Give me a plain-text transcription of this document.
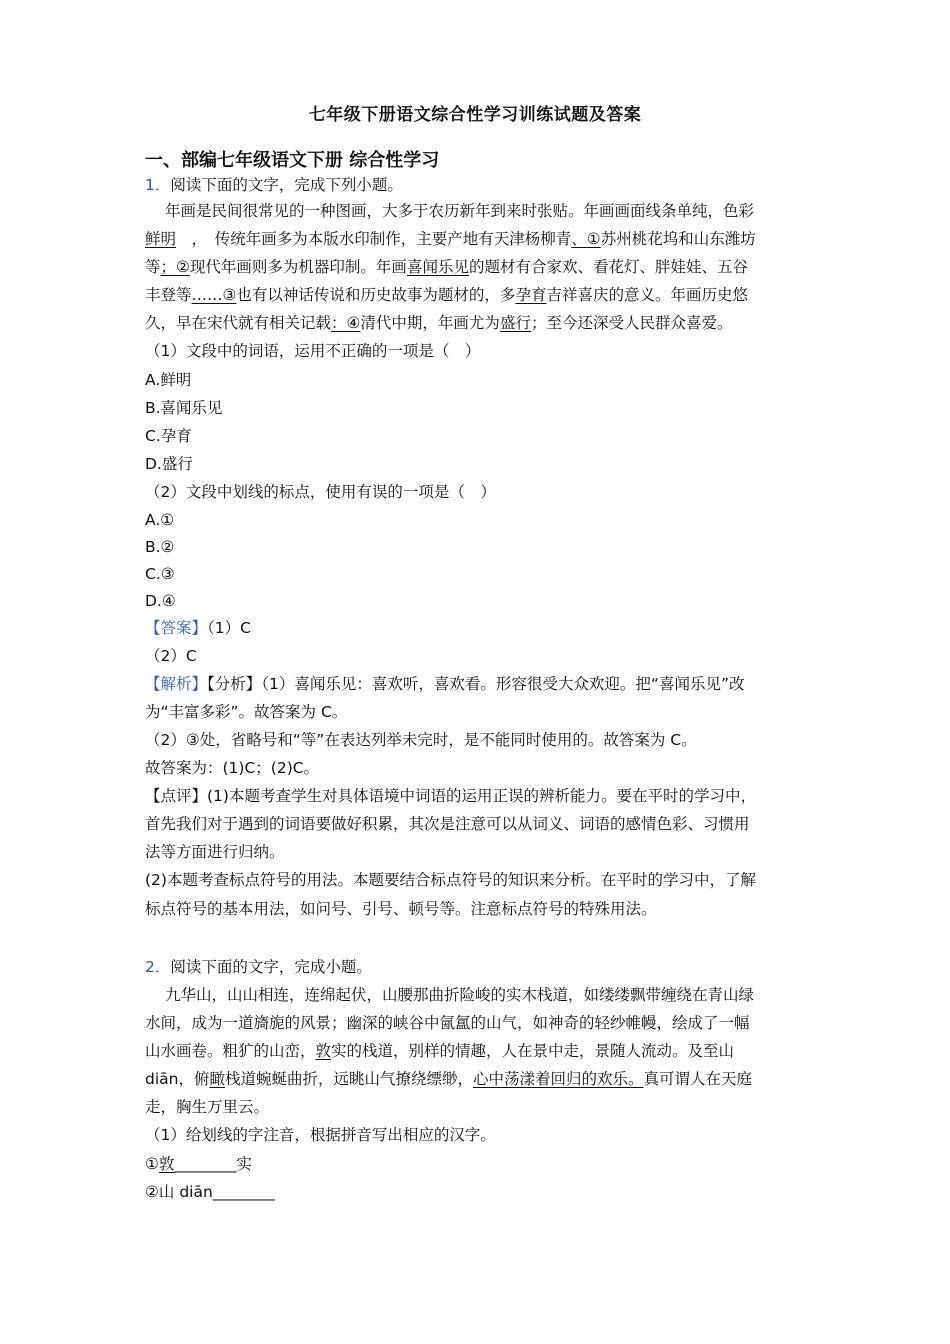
七年级下册语文综合性学习训练试题及答案
一、部编七年级语文下册 综合性学习
1．阅读下面的文字，完成下列小题。
年画是民间很常见的一种图画，大多于农历新年到来时张贴。年画画面线条单纯，色彩
鲜明　，　传统年画多为本版水印制作，主要产地有天津杨柳青、①苏州桃花坞和山东潍坊
等；②现代年画则多为机器印制。年画喜闻乐见的题材有合家欢、看花灯、胖娃娃、五谷
丰登等……③也有以神话传说和历史故事为题材的，多孕育吉祥喜庆的意义。年画历史悠
久，早在宋代就有相关记载：④清代中期，年画尤为盛行；至今还深受人民群众喜爱。
（1）文段中的词语，运用不正确的一项是（　）
A.鲜明
B.喜闻乐见
C.孕育
D.盛行
（2）文段中划线的标点，使用有误的一项是（　）
A.①
B.②
C.③
D.④
【答案】（1）C
（2）C
【解析】【分析】（1）喜闻乐见：喜欢听，喜欢看。形容很受大众欢迎。把“喜闻乐见”改
为“丰富多彩”。故答案为 C。
（2）③处，省略号和“等”在表达列举未完时，是不能同时使用的。故答案为 C。
故答案为：(1)C；(2)C。
【点评】(1)本题考查学生对具体语境中词语的运用正误的辨析能力。要在平时的学习中，
首先我们对于遇到的词语要做好积累，其次是注意可以从词义、词语的感情色彩、习惯用
法等方面进行归纳。
(2)本题考查标点符号的用法。本题要结合标点符号的知识来分析。在平时的学习中，了解
标点符号的基本用法，如问号、引号、顿号等。注意标点符号的特殊用法。
2．阅读下面的文字，完成小题。
九华山，山山相连，连绵起伏，山腰那曲折险峻的实木栈道，如缕缕飘带缠绕在青山绿
水间，成为一道旖旎的风景；幽深的峡谷中氤氲的山气，如神奇的轻纱帷幔，绘成了一幅
山水画卷。粗犷的山峦，敦实的栈道，别样的情趣，人在景中走，景随人流动。及至山
diān，俯瞰栈道蜿蜒曲折，远眺山气撩绕缥缈，心中荡漾着回归的欢乐。真可谓人在天庭
走，胸生万里云。
（1）给划线的字注音，根据拼音写出相应的汉字。
①敦________实
②山 diān________
